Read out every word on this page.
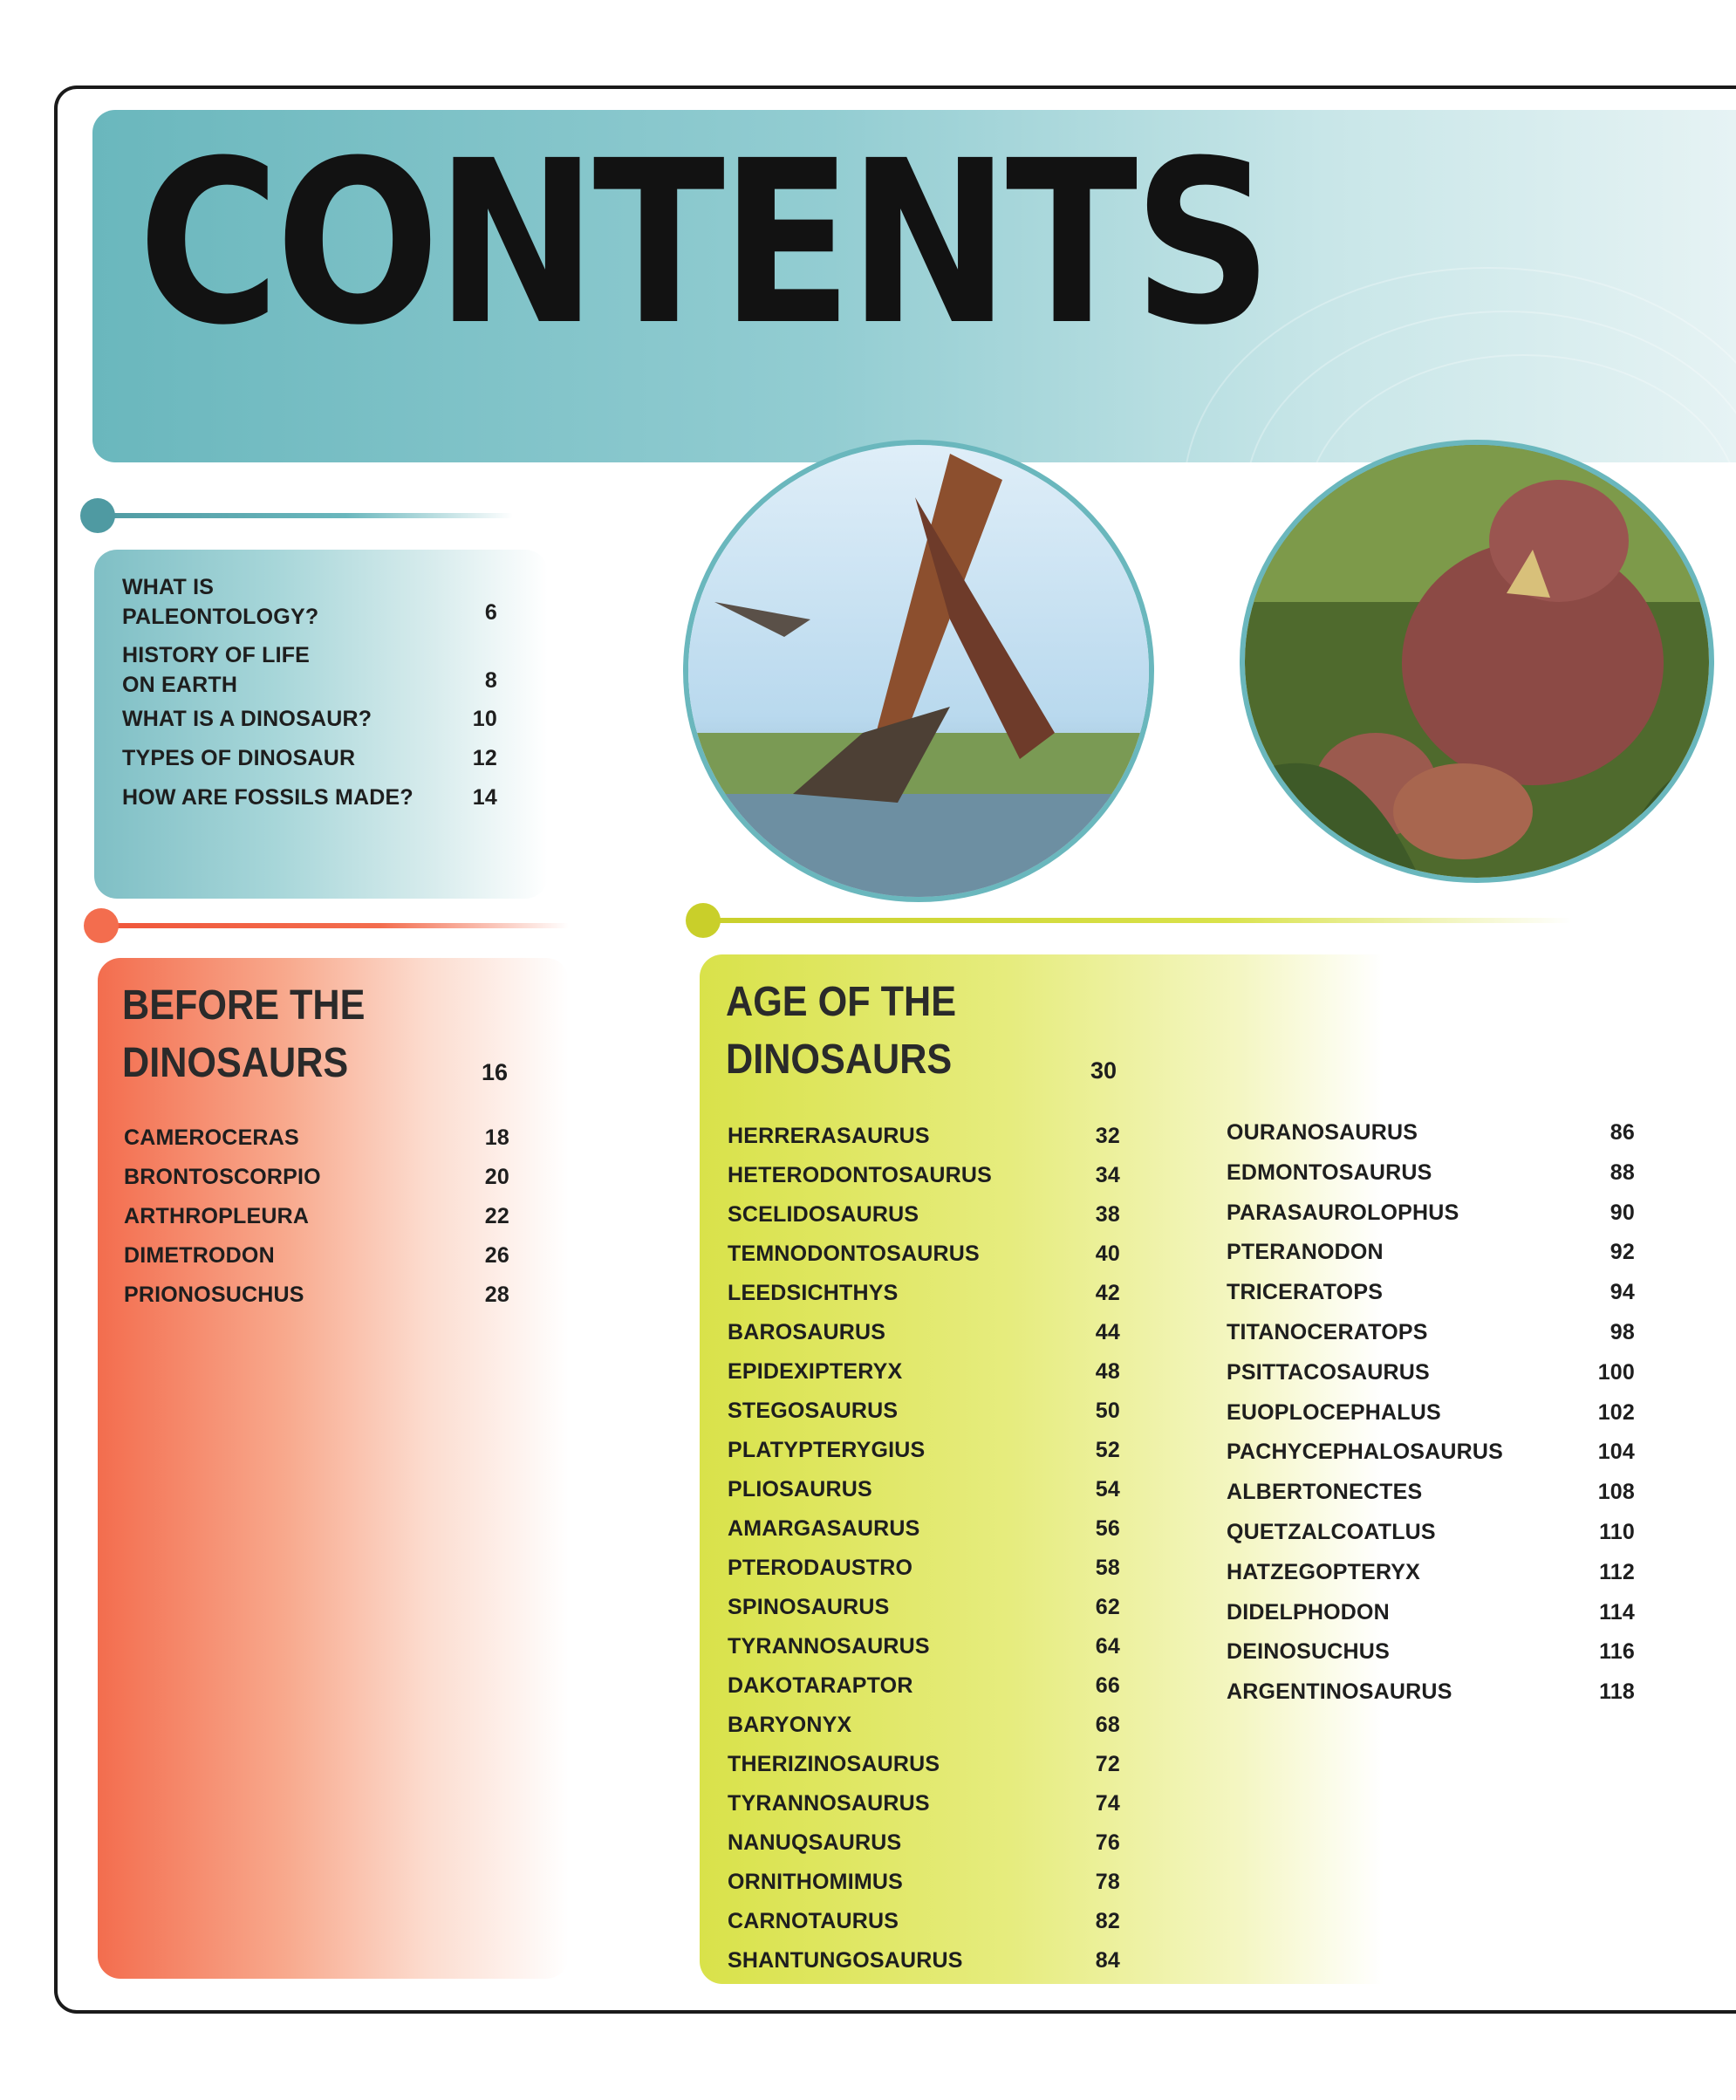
CONTENTS
WHAT IS
PALEONTOLOGY?
HISTORY OF LIFE
ON EARTH
WHAT IS A DINOSAUR?
TYPES OF DINOSAUR
HOW ARE FOSSILS MADE?
BEFORE THE
DINOSAURS	16
CAMEROCERAS
BRONTOSCORPIO
ARTHROPLEURA
DIMETRODON
PRIONOSUCHUS
AGE OF THE
DINOSAURS	30
HERRERASAURUS
HETERODONTOSAURUS
SCELIDOSAURUS
TEMNODONTOSAURUS
LEEDSICHTHYS
BAROSAURUS
EPIDEXIPTERYX
STEGOSAURUS
PLATYPTERYGIUS
PLIOSAURUS
AMARGASAURUS
PTERODAUSTRO
SPINOSAURUS
TYRANNOSAURUS
DAKOTARAPTOR
BARYONYX
THERIZINOSAURUS
TYRANNOSAURUS
NANUQSAURUS
ORNITHOMIMUS
CARNOTAURUS
SHANTUNGOSAURUS
OURANOSAURUS
EDMONTOSAURUS
PARASAUROLOPHUS
PTERANODON
TRICERATOPS
TITANOCERATOPS
PSITTACOSAURUS
EUOPLOCEPHALUS
PACHYCEPHALOSAURUS
ALBERTONECTES
QUETZALCOATLUS
HATZEGOPTERYX
DIDELPHODON
DEINOSUCHUS
ARGENTINOSAURUS
